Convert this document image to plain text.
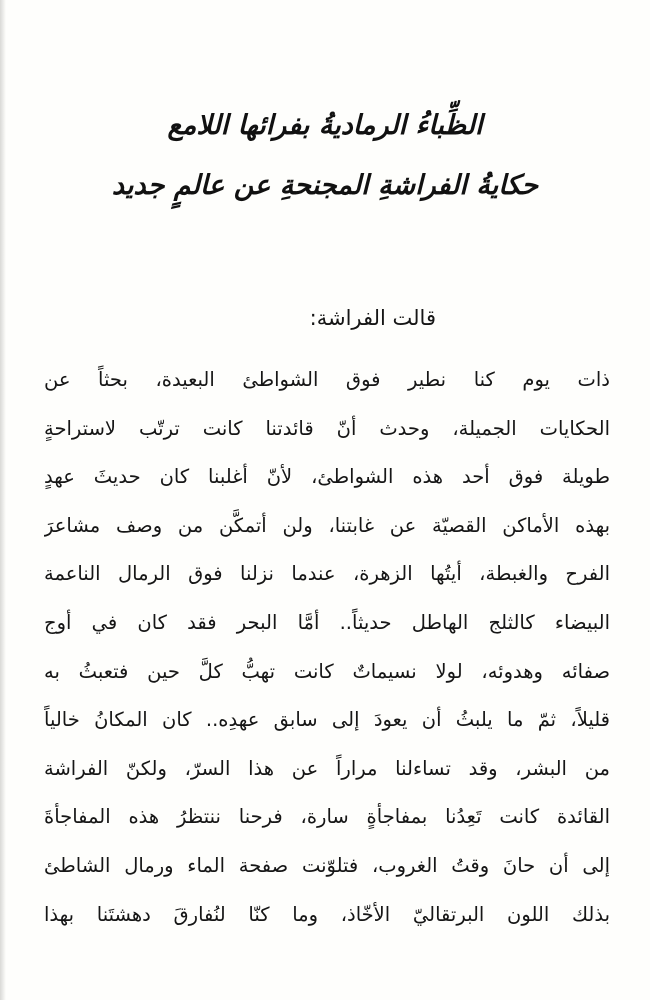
الظِّباءُ الرماديةُ بفرائها اللامع
حكايةُ الفراشةِ المجنحةِ عن عالمٍ جديد
قالت الفراشة:
ذات يوم كنا نطير فوق الشواطئ البعيدة، بحثاً عن
الحكايات الجميلة، وحدث أنّ قائدتنا كانت ترتّب لاستراحةٍ
طويلة فوق أحد هذه الشواطئ، لأنّ أغلبنا كان حديثَ عهدٍ
بهذه الأماكن القصيّة عن غابتنا، ولن أتمكَّن من وصف مشاعرَ
الفرح والغبطة، أيتُها الزهرة، عندما نزلنا فوق الرمال الناعمة
البيضاء كالثلج الهاطل حديثاً.. أمَّا البحر فقد كان في أوج
صفائه وهدوئه، لولا نسيماتٌ كانت تهبُّ كلَّ حين فتعبثُ به
قليلاً، ثمّ ما يلبثُ أن يعودَ إلى سابق عهدِه.. كان المكانُ خالياً
من البشر، وقد تساءلنا مراراً عن هذا السرّ، ولكنّ الفراشة
القائدة كانت تَعِدُنا بمفاجأةٍ سارة، فرحنا ننتظرُ هذه المفاجأةَ
إلى أن حانَ وقتُ الغروب، فتلوّنت صفحة الماء ورمال الشاطئ
بذلك اللون البرتقاليّ الأخّاذ، وما كنّا لنُفارقَ دهشتَنا بهذا
